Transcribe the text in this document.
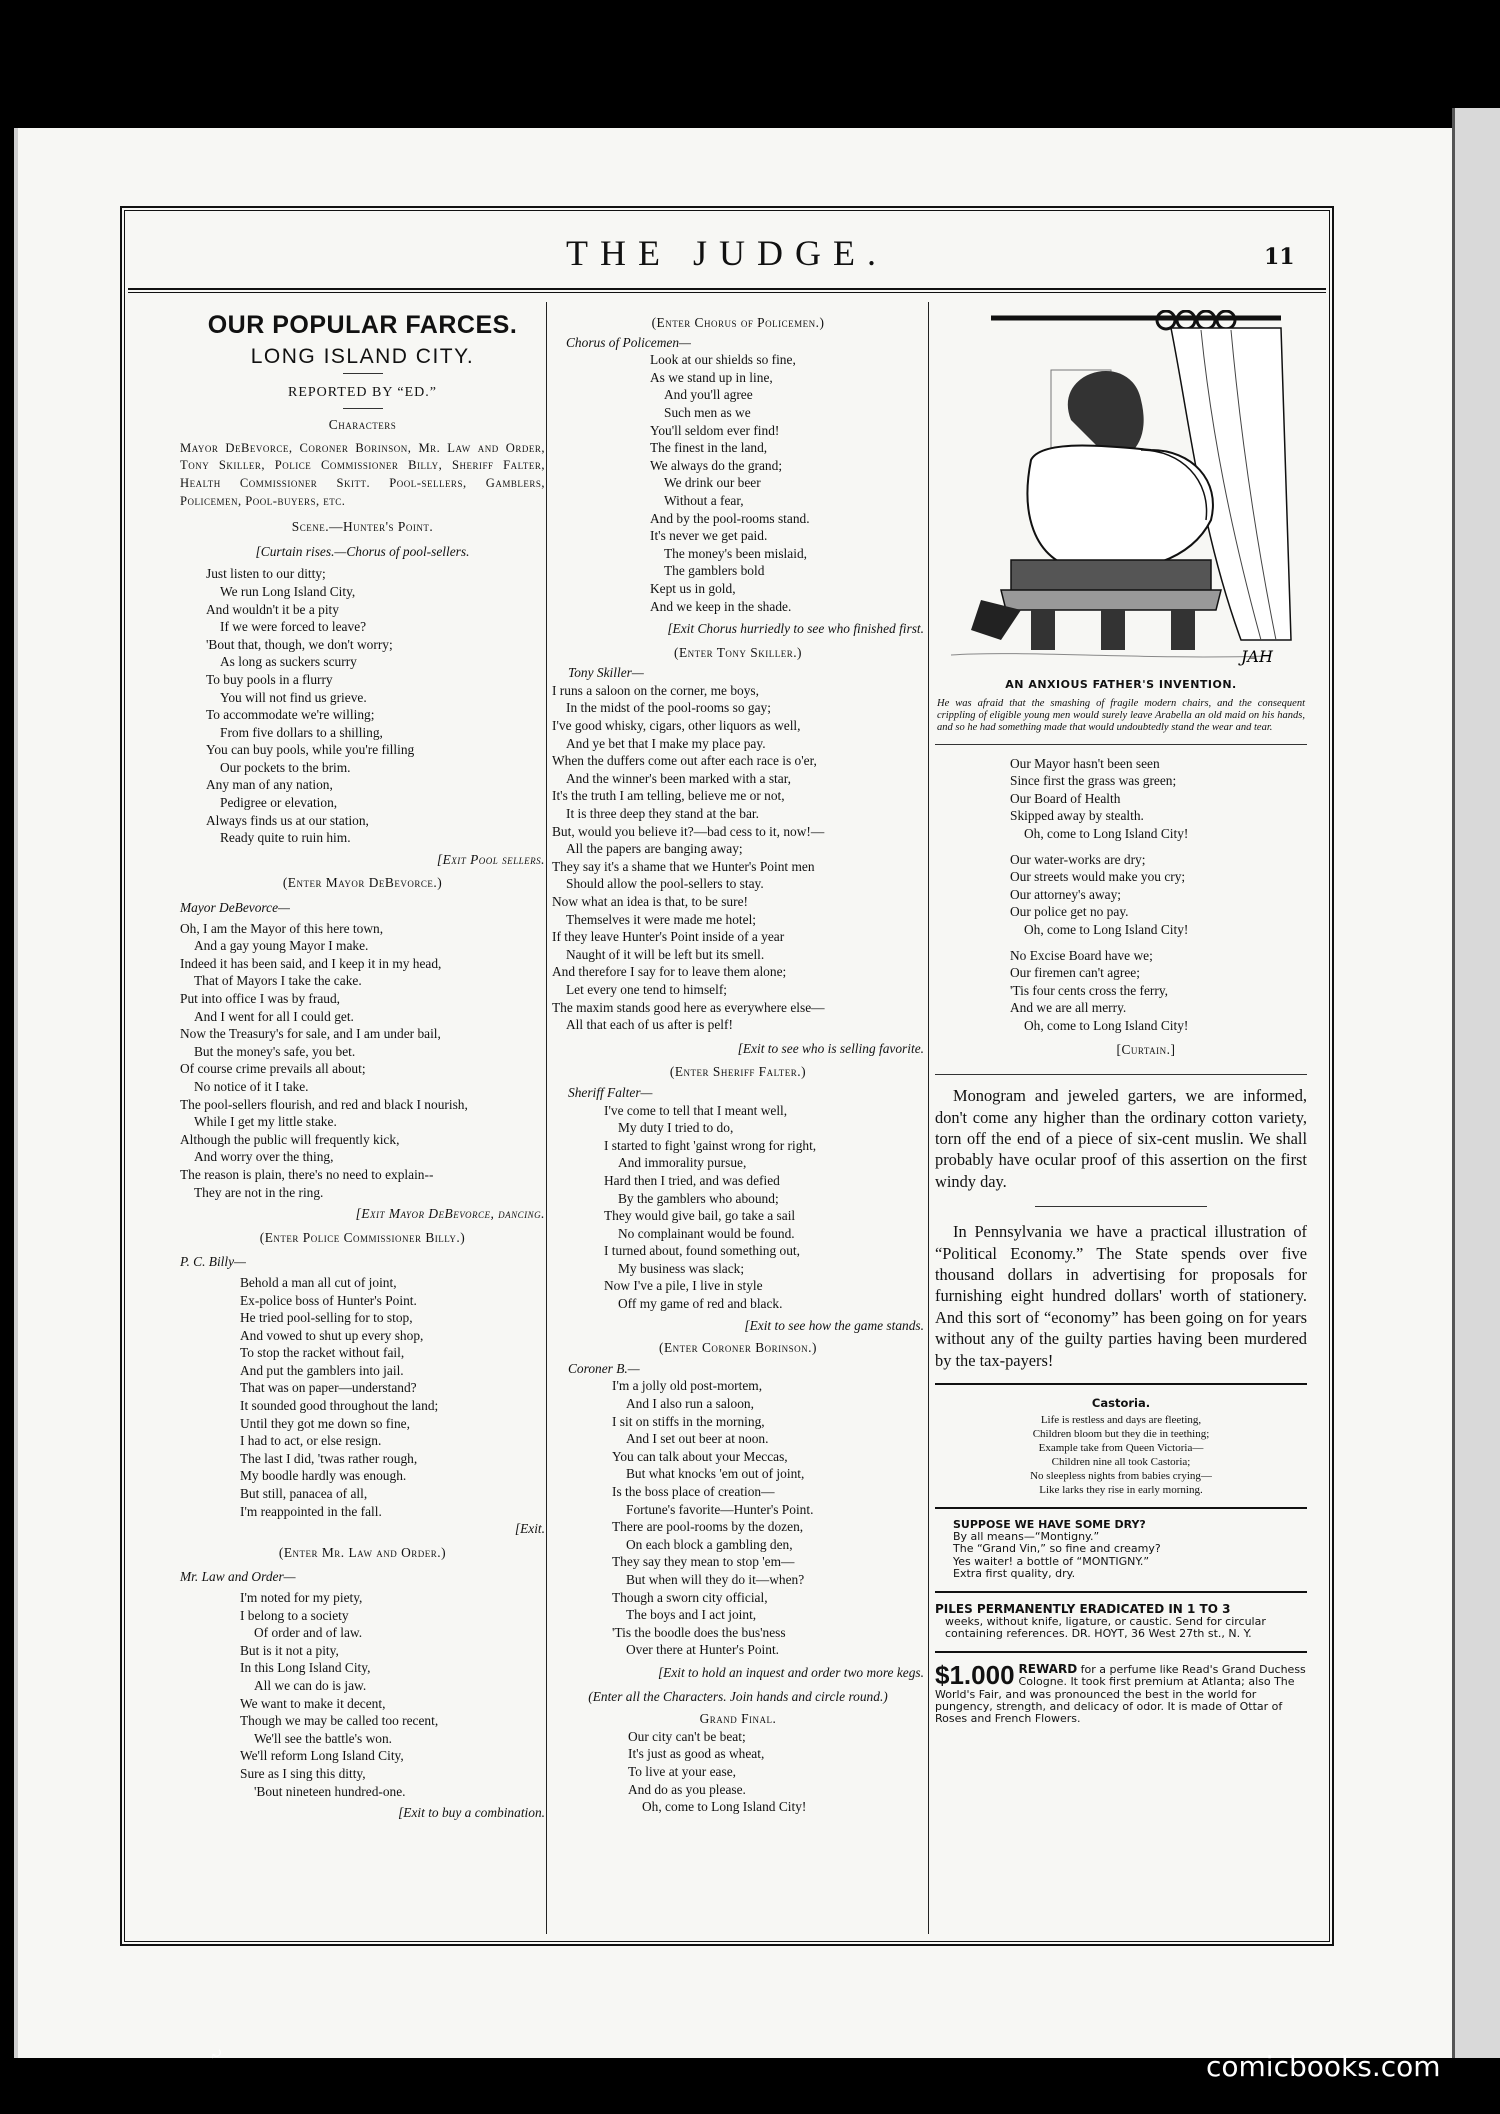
THE JUDGE.	11
OUR POPULAR FARCES.
LONG ISLAND CITY.
REPORTED BY “ED.”
Characters
Mayor DeBevorce, Coroner Borinson, Mr. Law and Order, Tony Skiller, Police Commissioner Billy, Sheriff Falter, Health Commissioner Skitt. Pool-sellers, Gamblers, Policemen, Pool-buyers, etc.
Scene.—Hunter's Point.
[Curtain rises.—Chorus of pool-sellers.
Just listen to our ditty;
We run Long Island City,
And wouldn't it be a pity
If we were forced to leave?
'Bout that, though, we don't worry;
As long as suckers scurry
To buy pools in a flurry
You will not find us grieve.
To accommodate we're willing;
From five dollars to a shilling,
You can buy pools, while you're filling
Our pockets to the brim.
Any man of any nation,
Pedigree or elevation,
Always finds us at our station,
Ready quite to ruin him.
[Exit Pool sellers.
(Enter Mayor DeBevorce.)
Mayor DeBevorce—
Oh, I am the Mayor of this here town,
And a gay young Mayor I make.
Indeed it has been said, and I keep it in my head,
That of Mayors I take the cake.
Put into office I was by fraud,
And I went for all I could get.
Now the Treasury's for sale, and I am under bail,
But the money's safe, you bet.
Of course crime prevails all about;
No notice of it I take.
The pool-sellers flourish, and red and black I nourish,
While I get my little stake.
Although the public will frequently kick,
And worry over the thing,
The reason is plain, there's no need to explain--
They are not in the ring.
[Exit Mayor DeBevorce, dancing.
(Enter Police Commissioner Billy.)
P. C. Billy—
Behold a man all cut of joint,
Ex-police boss of Hunter's Point.
He tried pool-selling for to stop,
And vowed to shut up every shop,
To stop the racket without fail,
And put the gamblers into jail.
That was on paper—understand?
It sounded good throughout the land;
Until they got me down so fine,
I had to act, or else resign.
The last I did, 'twas rather rough,
My boodle hardly was enough.
But still, panacea of all,
I'm reappointed in the fall.
[Exit.
(Enter Mr. Law and Order.)
Mr. Law and Order—
I'm noted for my piety,
I belong to a society
Of order and of law.
But is it not a pity,
In this Long Island City,
All we can do is jaw.
We want to make it decent,
Though we may be called too recent,
We'll see the battle's won.
We'll reform Long Island City,
Sure as I sing this ditty,
'Bout nineteen hundred-one.
[Exit to buy a combination.
(Enter Chorus of Policemen.)
Chorus of Policemen—
Look at our shields so fine,
As we stand up in line,
And you'll agree
Such men as we
You'll seldom ever find!
The finest in the land,
We always do the grand;
We drink our beer
Without a fear,
And by the pool-rooms stand.
It's never we get paid.
The money's been mislaid,
The gamblers bold
Kept us in gold,
And we keep in the shade.
[Exit Chorus hurriedly to see who finished first.
(Enter Tony Skiller.)
Tony Skiller—
I runs a saloon on the corner, me boys,
In the midst of the pool-rooms so gay;
I've good whisky, cigars, other liquors as well,
And ye bet that I make my place pay.
When the duffers come out after each race is o'er,
And the winner's been marked with a star,
It's the truth I am telling, believe me or not,
It is three deep they stand at the bar.
But, would you believe it?—bad cess to it, now!—
All the papers are banging away;
They say it's a shame that we Hunter's Point men
Should allow the pool-sellers to stay.
Now what an idea is that, to be sure!
Themselves it were made me hotel;
If they leave Hunter's Point inside of a year
Naught of it will be left but its smell.
And therefore I say for to leave them alone;
Let every one tend to himself;
The maxim stands good here as everywhere else—
All that each of us after is pelf!
[Exit to see who is selling favorite.
(Enter Sheriff Falter.)
Sheriff Falter—
I've come to tell that I meant well,
My duty I tried to do,
I started to fight 'gainst wrong for right,
And immorality pursue,
Hard then I tried, and was defied
By the gamblers who abound;
They would give bail, go take a sail
No complainant would be found.
I turned about, found something out,
My business was slack;
Now I've a pile, I live in style
Off my game of red and black.
[Exit to see how the game stands.
(Enter Coroner Borinson.)
Coroner B.—
I'm a jolly old post-mortem,
And I also run a saloon,
I sit on stiffs in the morning,
And I set out beer at noon.
You can talk about your Meccas,
But what knocks 'em out of joint,
Is the boss place of creation—
Fortune's favorite—Hunter's Point.
There are pool-rooms by the dozen,
On each block a gambling den,
They say they mean to stop 'em—
But when will they do it—when?
Though a sworn city official,
The boys and I act joint,
'Tis the boodle does the bus'ness
Over there at Hunter's Point.
[Exit to hold an inquest and order two more kegs.
(Enter all the Characters. Join hands and circle round.)
Grand Final.
Our city can't be beat;
It's just as good as wheat,
To live at your ease,
And do as you please.
Oh, come to Long Island City!
JAH
AN ANXIOUS FATHER'S INVENTION.
He was afraid that the smashing of fragile modern chairs, and the consequent crippling of eligible young men would surely leave Arabella an old maid on his hands, and so he had something made that would undoubtedly stand the wear and tear.
Our Mayor hasn't been seen
Since first the grass was green;
Our Board of Health
Skipped away by stealth.
Oh, come to Long Island City!
Our water-works are dry;
Our streets would make you cry;
Our attorney's away;
Our police get no pay.
Oh, come to Long Island City!
No Excise Board have we;
Our firemen can't agree;
'Tis four cents cross the ferry,
And we are all merry.
Oh, come to Long Island City!
[Curtain.]
Monogram and jeweled garters, we are informed, don't come any higher than the ordinary cotton variety, torn off the end of a piece of six-cent muslin. We shall probably have ocular proof of this assertion on the first windy day.
In Pennsylvania we have a practical illustration of “Political Economy.” The State spends over five thousand dollars in advertising for proposals for furnishing eight hundred dollars' worth of stationery. And this sort of “economy” has been going on for years without any of the guilty parties having been murdered by the tax-payers!
Castoria.
Life is restless and days are fleeting,
Children bloom but they die in teething;
Example take from Queen Victoria—
Children nine all took Castoria;
No sleepless nights from babies crying—
Like larks they rise in early morning.
SUPPOSE WE HAVE SOME DRY?
By all means—“Montigny.”
The “Grand Vin,” so fine and creamy?
Yes waiter! a bottle of “MONTIGNY.”
Extra first quality, dry.
PILES PERMANENTLY ERADICATED IN 1 TO 3
weeks, without knife, ligature, or caustic. Send for circular containing references. DR. HOYT, 36 West 27th st., N. Y.
$1.000 REWARD for a perfume like Read's Grand Duchess Cologne. It took first premium at Atlanta; also The World's Fair, and was pronounced the best in the world for pungency, strength, and delicacy of odor. It is made of Ottar of Roses and French Flowers.
⤾	comicbooks.com
